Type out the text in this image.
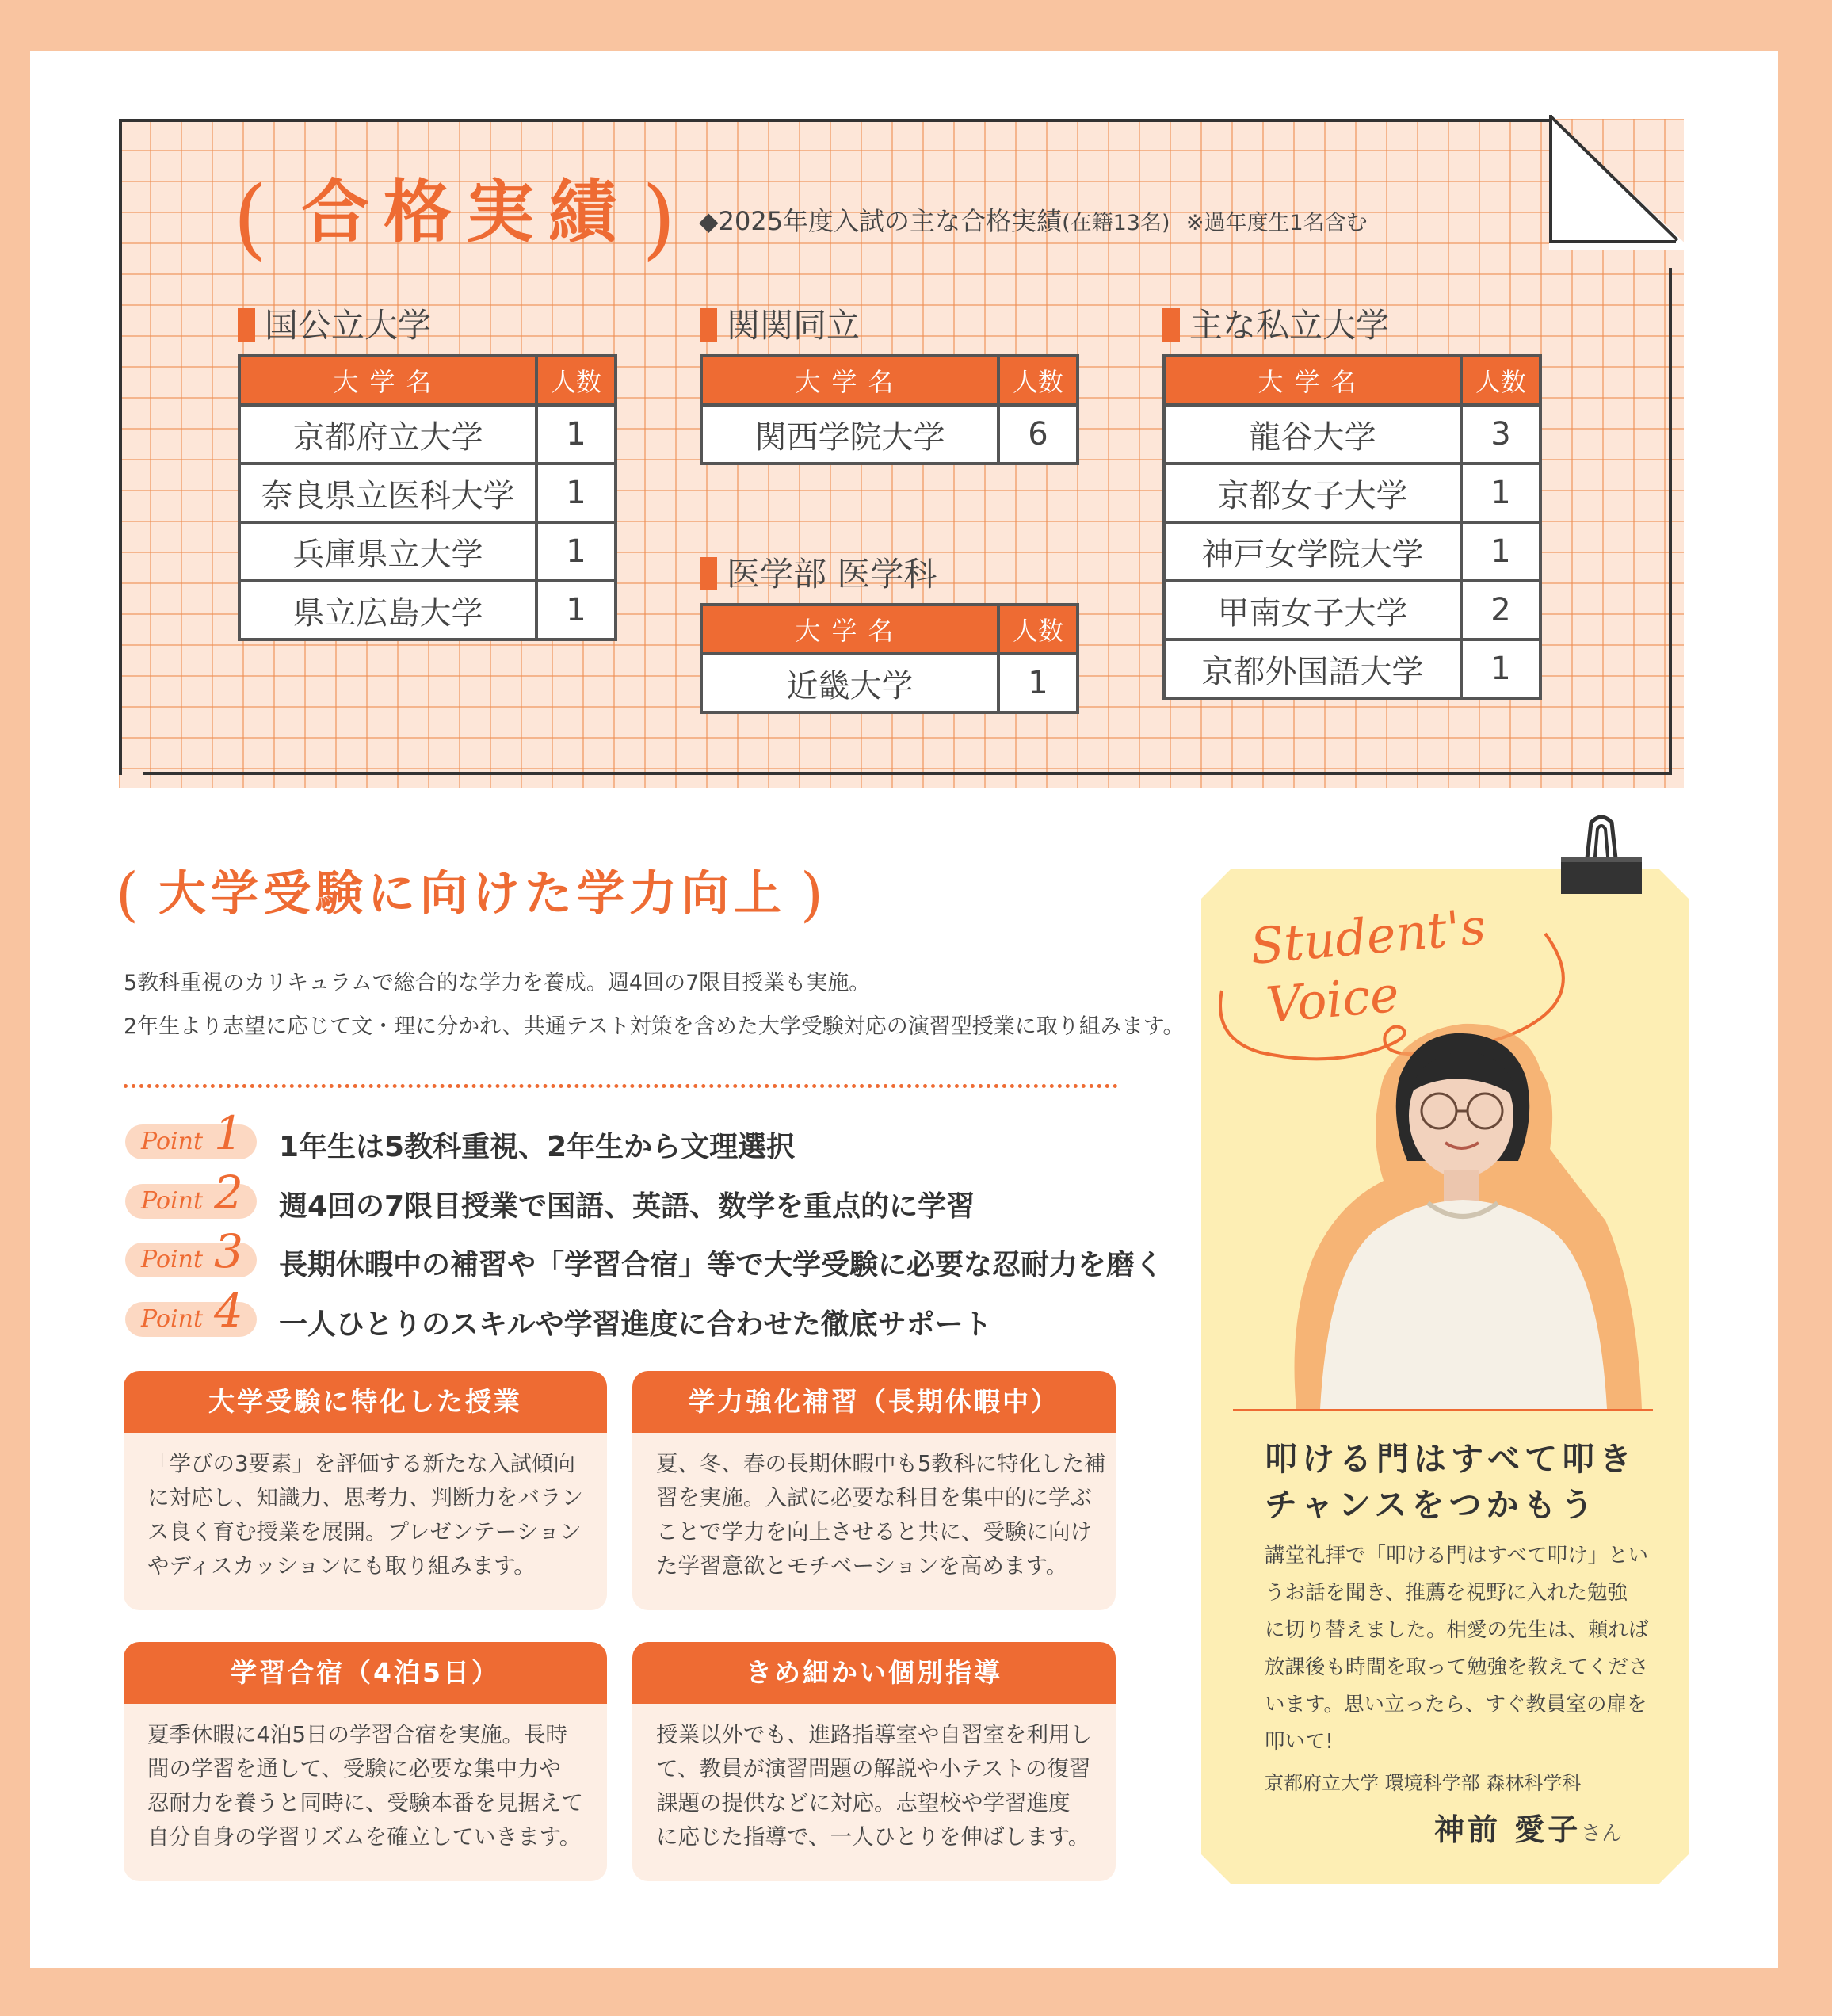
(	)
合格実績	◆2025年度入試の主な合格実績(在籍13名) ※過年度生1名含む
国公立大学
大学名	人数
京都府立大学	1
奈良県立医科大学	1
兵庫県立大学	1
県立広島大学	1
関関同立
大学名	人数
関西学院大学	6
医学部 医学科
大学名	人数
近畿大学	1
主な私立大学
大学名	人数
龍谷大学	3
京都女子大学	1
神戸女学院大学	1
甲南女子大学	2
京都外国語大学	1
( 大学受験に向けた学力向上 )
5教科重視のカリキュラムで総合的な学力を養成。週4回の7限目授業も実施。
2年生より志望に応じて文・理に分かれ、共通テスト対策を含めた大学受験対応の演習型授業に取り組みます。
Point 1 1年生は5教科重視、2年生から文理選択
Point 2 週4回の7限目授業で国語、英語、数学を重点的に学習
Point 3 長期休暇中の補習や「学習合宿」等で大学受験に必要な忍耐力を磨く
Point 4 一人ひとりのスキルや学習進度に合わせた徹底サポート
大学受験に特化した授業
「学びの3要素」を評価する新たな入試傾向
に対応し、知識力、思考力、判断力をバラン
ス良く育む授業を展開。プレゼンテーション
やディスカッションにも取り組みます。
学力強化補習（長期休暇中）
夏、冬、春の長期休暇中も5教科に特化した補
習を実施。入試に必要な科目を集中的に学ぶ
ことで学力を向上させると共に、受験に向け
た学習意欲とモチベーションを高めます。
学習合宿（4泊5日）
夏季休暇に4泊5日の学習合宿を実施。長時
間の学習を通して、受験に必要な集中力や
忍耐力を養うと同時に、受験本番を見据えて
自分自身の学習リズムを確立していきます。
きめ細かい個別指導
授業以外でも、進路指導室や自習室を利用し
て、教員が演習問題の解説や小テストの復習
課題の提供などに対応。志望校や学習進度
に応じた指導で、一人ひとりを伸ばします。
Student's
Voice
叩ける門はすべて叩き
チャンスをつかもう
講堂礼拝で「叩ける門はすべて叩け」とい
うお話を聞き、推薦を視野に入れた勉強
に切り替えました。相愛の先生は、頼れば
放課後も時間を取って勉強を教えてくださ
います。思い立ったら、すぐ教員室の扉を
叩いて!
京都府立大学 環境科学部 森林科学科
神前 愛子さん
